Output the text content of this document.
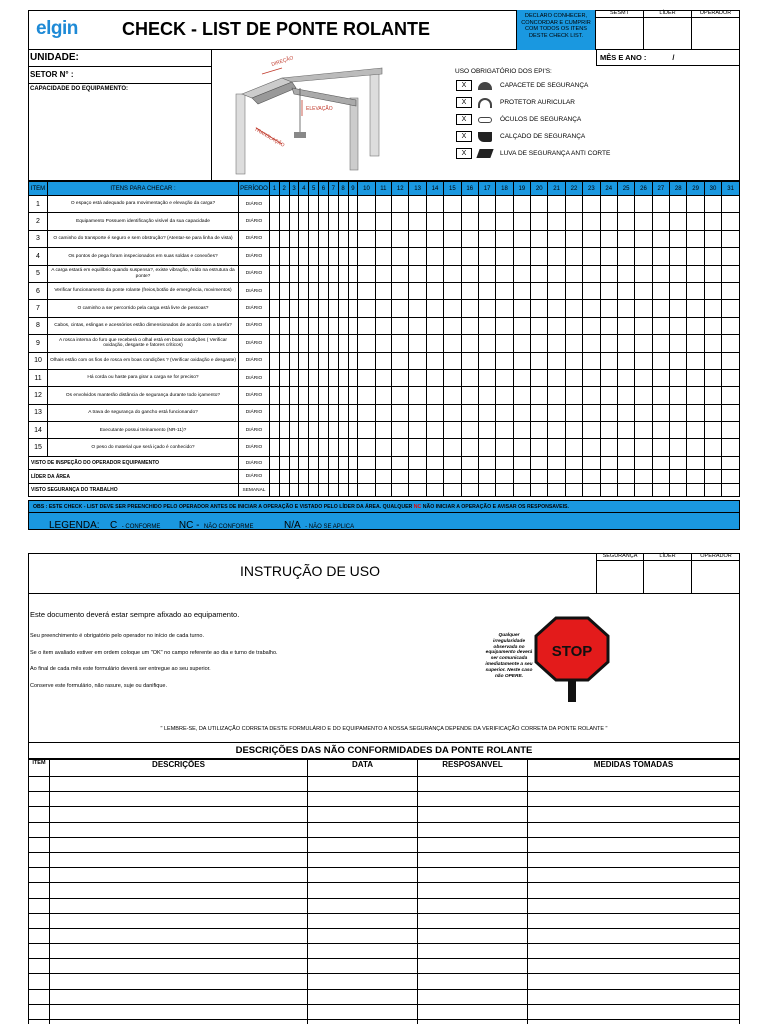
elgin CHECK - LIST DE PONTE ROLANTE
DECLARO CONHECER, CONCORDAR E CUMPRIR COM TODOS OS ITENS DESTE CHECK LIST.
SESMT	LÍDER	OPERADOR
UNIDADE:
SETOR N° :
CAPACIDADE DO EQUIPAMENTO:
MÊS E ANO :	/
DIREÇÃO
ELEVAÇÃO
TRANSLAÇÃO
USO OBRIGATÓRIO DOS EPI'S:
X	CAPACETE DE SEGURANÇA
X	PROTETOR AURICULAR
X	ÓCULOS DE SEGURANÇA
X	CALÇADO DE SEGURANÇA
X	LUVA DE SEGURANÇA ANTI CORTE
ITEM	ITENS PARA CHECAR :	PERÍODO	1	2	3	4	5	6	7	8	9	10	11	12	13	14	15	16	17	18	19	20	21	22	23	24	25	26	27	28	29	30	31
1	O espaço está adequado para movimentação e elevação da carga?	DIÁRIO																															
2	Equipamento Possuem identificação visível da sua capacidade	DIÁRIO																															
3	O caminho do transporte é seguro e sem obstrução? (Atentar-se para linha de vista)	DIÁRIO																															
4	Os pontos de pega foram inspecionados em suas soldas e conexões?	DIÁRIO																															
5	A carga estará em equilíbrio quando suspensa?, existe vibração, ruído na estrutura da ponte?	DIÁRIO																															
6	Verificar funcionamento da ponte rolante (freios,botão de emergência, movimentos)	DIÁRIO																															
7	O caminho a ser percorrido pela carga está livre de pessoas?	DIÁRIO																															
8	Cabos, cintas, eslingas e acessórios estão dimensionados de acordo com a tarefa?	DIÁRIO																															
9	A rosca interna do furo que receberá o olhal está em boas condições ( Verificar oxidação, desgaste e fatores críticos)	DIÁRIO																															
10	Olhais estão com os fios de rosca em boas condições ? (Verificar oxidação e desgaste)	DIÁRIO																															
11	Há corda ou haste para girar a carga se for preciso?	DIÁRIO																															
12	Os envolvidos manterão distância de segurança durante todo içamento?	DIÁRIO																															
13	A trava de segurança do gancho está funcionando?	DIÁRIO																															
14	Executante possui treinamento (NR-11)?	DIÁRIO																															
15	O peso do material que será içado é conhecido?	DIÁRIO																															
VISTO DE INSPEÇÃO DO OPERADOR EQUIPAMENTO		DIÁRIO																															
LÍDER DA ÁREA		DIÁRIO																															
VISTO SEGURANÇA DO TRABALHO		SEMANAL																															
OBS : ESTE CHECK - LIST DEVE SER PREENCHIDO PELO OPERADOR ANTES DE INICIAR A OPERAÇÃO E VISTADO PELO LÍDER DA ÁREA. QUALQUER NC NÃO INICIAR A OPERAÇÃO E AVISAR OS RESPONSAVEIS.
LEGENDA: C - CONFORME NC - NÃO CONFORME	N/A - NÃO SE APLICA
INSTRUÇÃO DE USO
SEGURANÇA	LÍDER	OPERADOR
Este documento deverá estar sempre afixado ao equipamento.
Seu preenchimento é obrigatório pelo operador no início de cada turno.
Se o item avaliado estiver em ordem coloque um "OK" no campo referente ao dia e turno de trabalho.
Ao final de cada mês este formulário deverá ser entregue ao seu superior.
Conserve este formulário, não rasure, suje ou danifique.
Qualquer irregularidade observada no equipamento deverá ser comunicada imediatamente a seu superior. Neste caso não OPERE.
STOP
" LEMBRE-SE, DA UTILIZAÇÃO CORRETA DESTE FORMULÁRIO E DO EQUIPAMENTO A NOSSA SEGURANÇA DEPENDE DA VERIFICAÇÃO CORRETA DA PONTE ROLANTE "
DESCRIÇÕES DAS NÃO CONFORMIDADES DA PONTE ROLANTE
ITEM	DESCRIÇÕES	DATA	RESPOSANVEL	MEDIDAS TOMADAS
